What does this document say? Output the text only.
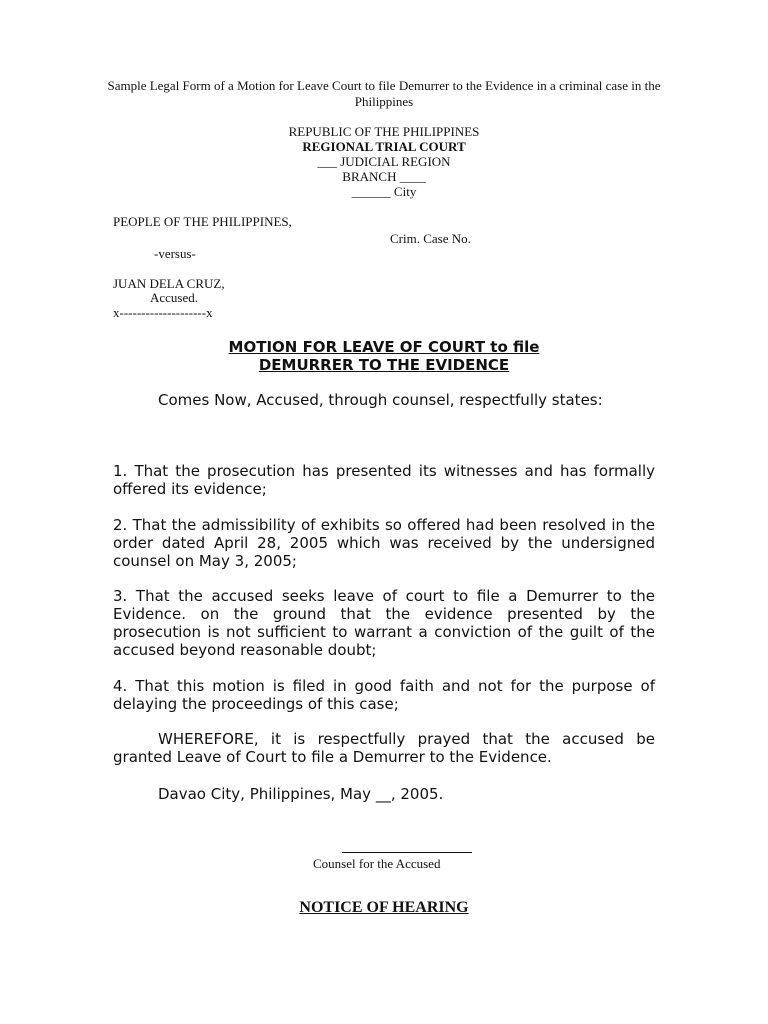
Sample Legal Form of a Motion for Leave Court to file Demurrer to the Evidence in a criminal case in the Philippines
REPUBLIC OF THE PHILIPPINES
REGIONAL TRIAL COURT
___ JUDICIAL REGION
BRANCH ____
______ City
PEOPLE OF THE PHILIPPINES,
Crim. Case No.
-versus-
JUAN DELA CRUZ,
Accused.
x--------------------x
MOTION FOR LEAVE OF COURT to file
DEMURRER TO THE EVIDENCE
Comes Now, Accused, through counsel, respectfully states:
1. That the prosecution has presented its witnesses and has formally offered its evidence;
2. That the admissibility of exhibits so offered had been resolved in the order dated April 28, 2005 which was received by the undersigned counsel on May 3, 2005;
3. That the accused seeks leave of court to file a Demurrer to the Evidence. on the ground that the evidence presented by the prosecution is not sufficient to warrant a conviction of the guilt of the accused beyond reasonable doubt;
4. That this motion is filed in good faith and not for the purpose of delaying the proceedings of this case;
WHEREFORE, it is respectfully prayed that the accused be granted Leave of Court to file a Demurrer to the Evidence.
Davao City, Philippines, May __, 2005.
Counsel for the Accused
NOTICE OF HEARING
